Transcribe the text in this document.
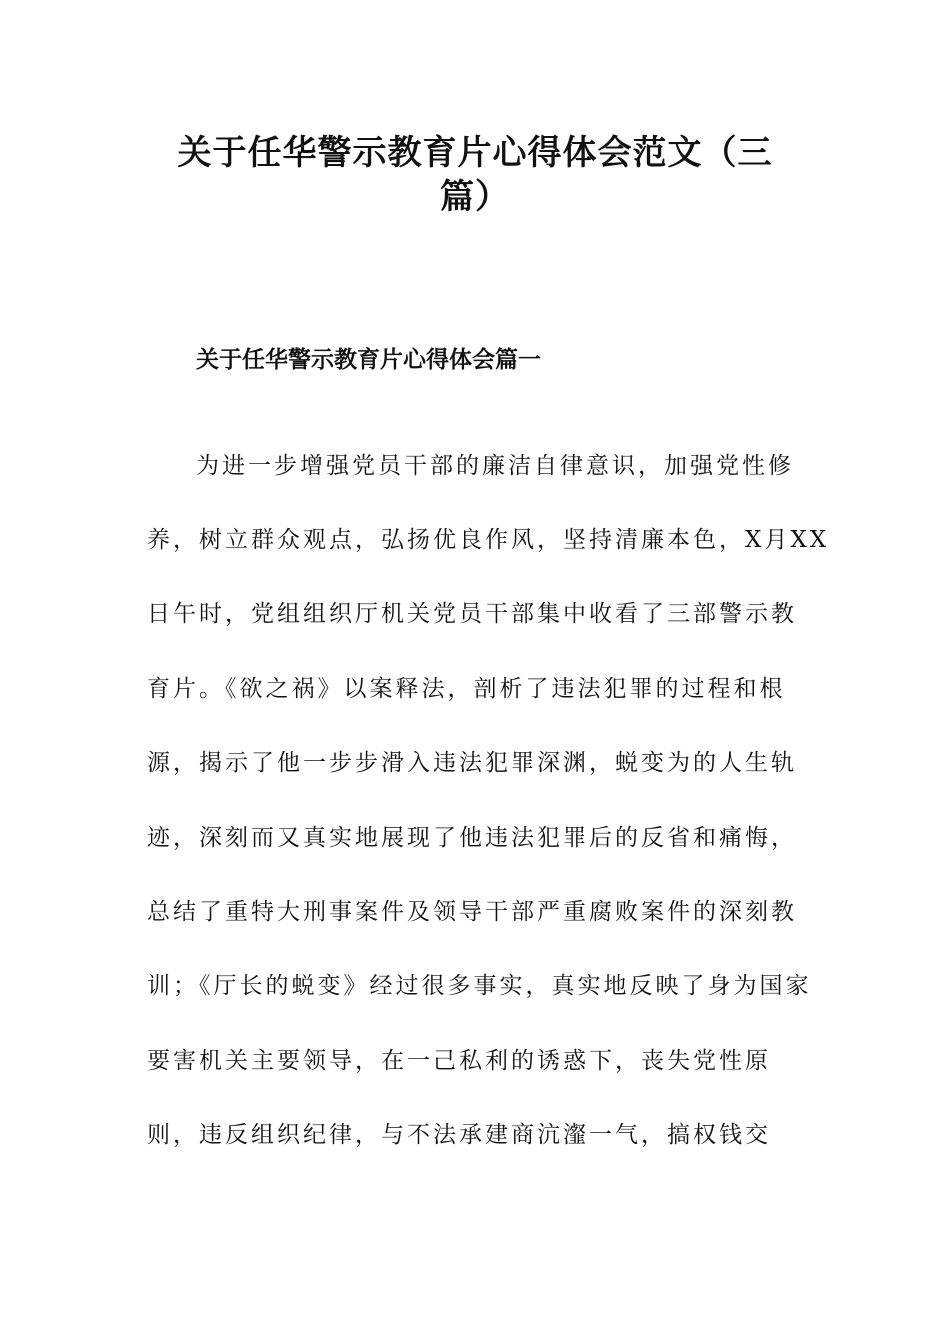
关于任华警示教育片心得体会范文（三
篇）
关于任华警示教育片心得体会篇一
为进一步增强党员干部的廉洁自律意识，加强党性修
养，树立群众观点，弘扬优良作风，坚持清廉本色，X月XX
日午时，党组组织厅机关党员干部集中收看了三部警示教
育片。《欲之祸》以案释法，剖析了违法犯罪的过程和根
源，揭示了他一步步滑入违法犯罪深渊，蜕变为的人生轨
迹，深刻而又真实地展现了他违法犯罪后的反省和痛悔，
总结了重特大刑事案件及领导干部严重腐败案件的深刻教
训；《厅长的蜕变》经过很多事实，真实地反映了身为国家
要害机关主要领导，在一己私利的诱惑下，丧失党性原
则，违反组织纪律，与不法承建商沆瀣一气，搞权钱交
